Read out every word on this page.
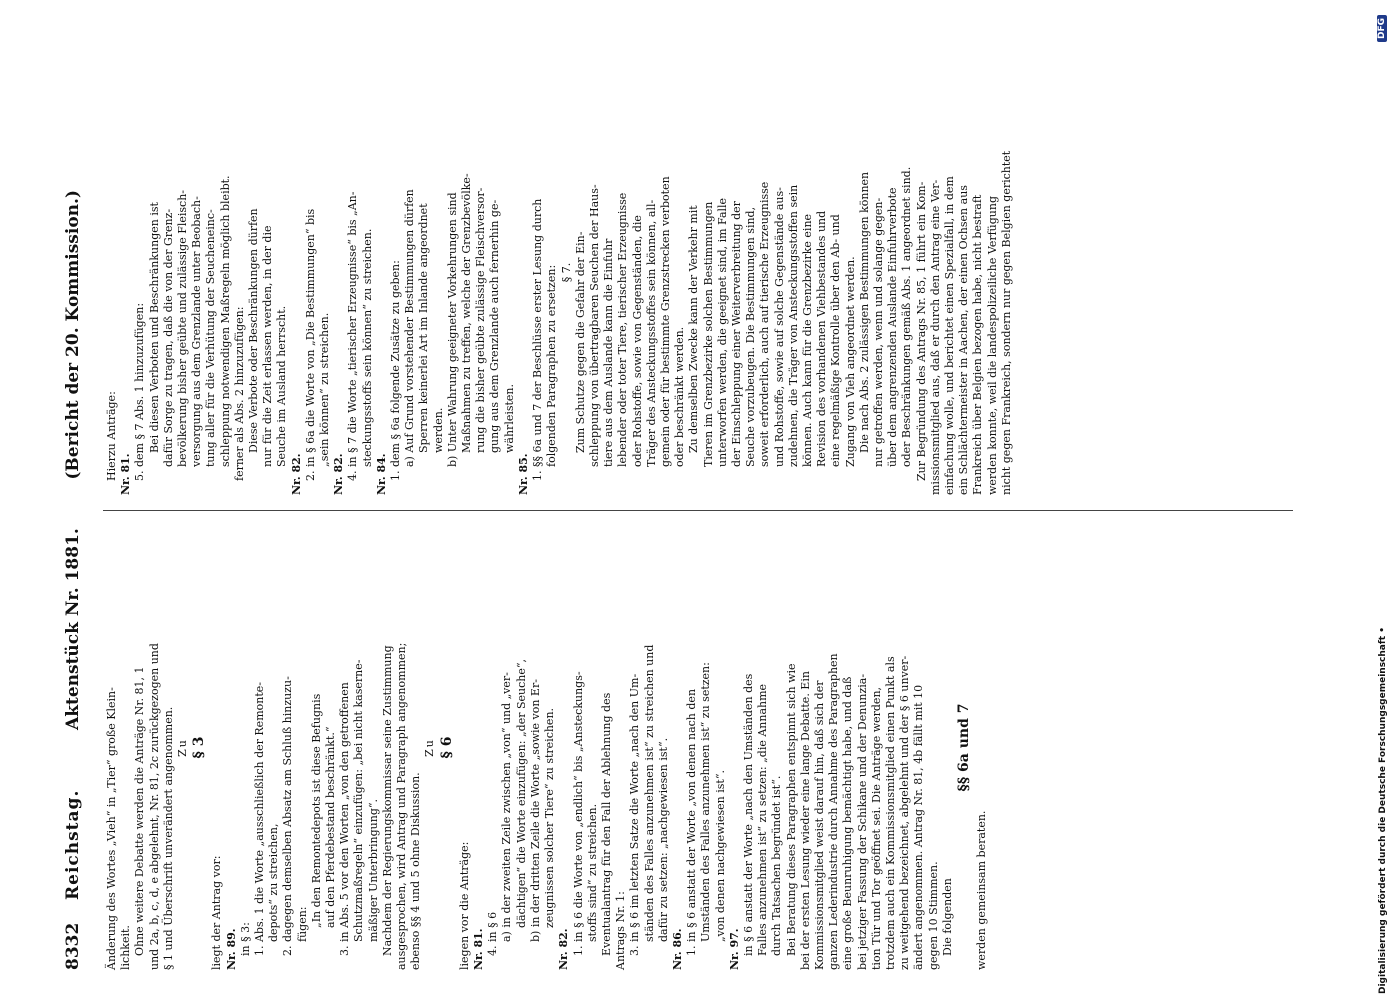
8332
Reichstag.
Aktenstück Nr. 1881.
(Bericht der 20. Kommission.)

Änderung des Wortes „Vieh“ in „Tier“ große Klein- lichkeit. Ohne weitere Debatte werden die Anträge Nr. 81, 1 und 2a, b, c, d, e abgelehnt, Nr. 81, 2c zurückgezogen und § 1 und Überschrift unverändert angenommen. Zu § 3

liegt der Antrag vor: Nr. 89. in § 3: 1. Abs. 1 die Worte „ausschließlich der Remonte- depots“ zu streichen, 2. dagegen demselben Absatz am Schluß hinzuzu- fügen: „In den Remontedepots ist diese Befugnis auf den Pferdebestand beschränkt.“ 3. in Abs. 5 vor den Worten „von den getroffenen Schutzmaßregeln“ einzufügen: „bei nicht kaserne- mäßiger Unterbringung“. Nachdem der Regierungskommissar seine Zustimmung ausgesprochen, wird Antrag und Paragraph angenommen; ebenso §§ 4 und 5 ohne Diskussion.

Zu § 6

liegen vor die Anträge: Nr. 81. 4. in § 6 a) in der zweiten Zeile zwischen „von“ und „ver- dächtigen“ die Worte einzufügen: „der Seuche“, b) in der dritten Zeile die Worte „sowie von Er- zeugnissen solcher Tiere“ zu streichen.

Nr. 82. 1. in § 6 die Worte von „endlich“ bis „Ansteckungs- stoffs sind“ zu streichen. Eventualantrag für den Fall der Ablehnung des Antrags Nr. 1: 3. in § 6 im letzten Satze die Worte „nach den Um- ständen des Falles anzunehmen ist“ zu streichen und dafür zu setzen: „nachgewiesen ist“.

Nr. 86. 1. in § 6 anstatt der Worte „von denen nach den Umständen des Falles anzunehmen ist“ zu setzen: „von denen nachgewiesen ist“.

Nr. 97. in § 6 anstatt der Worte „nach den Umständen des Falles anzunehmen ist“ zu setzen: „die Annahme durch Tatsachen begründet ist“. Bei Beratung dieses Paragraphen entspinnt sich wie bei der ersten Lesung wieder eine lange Debatte. Ein Kommissionsmitglied weist darauf hin, daß sich der ganzen Lederindustrie durch Annahme des Paragraphen eine große Beunruhigung bemächtigt habe, und daß bei jetziger Fassung der Schikane und der Denunzia- tion Tür und Tor geöffnet sei. Die Anträge werden, trotzdem auch ein Kommissionsmitglied einen Punkt als zu weitgehend bezeichnet, abgelehnt und der § 6 unver- ändert angenommen. Antrag Nr. 81, 4b fällt mit 10 gegen 10 Stimmen. Die folgenden

§§ 6a und 7

werden gemeinsam beraten.

Hierzu Anträge: Nr. 81. 5. dem § 7 Abs. 1 hinzuzufügen: Bei diesen Verboten und Beschränkungen ist dafür Sorge zu tragen, daß die von der Grenz- bevölkerung bisher geübte und zulässige Fleisch- versorgung aus dem Grenzlande unter Beobach- tung aller für die Verhütung der Seucheneinc- schleppung notwendigen Maßregeln möglich bleibt. ferner als Abs. 2 hinzuzufügen: Diese Verbote oder Beschränkungen dürfen nur für die Zeit erlassen werden, in der die Seuche im Ausland herrscht.

Nr. 82. 2. in § 6a die Worte von „Die Bestimmungen“ bis „sein können“ zu streichen.

Nr. 82. 4. in § 7 die Worte „tierischer Erzeugnisse“ bis „An- steckungsstoffs sein können“ zu streichen.

Nr. 84. 1. dem § 6a folgende Zusätze zu geben: a) Auf Grund vorstehender Bestimmungen dürfen Sperren keinerlei Art im Inlande angeordnet werden. b) Unter Wahrung geeigneter Vorkehrungen sind Maßnahmen zu treffen, welche der Grenzbevölke- rung die bisher geübte zulässige Fleischversor- gung aus dem Grenzlande auch fernerhin ge- währleisten.

Nr. 85. 1. §§ 6a und 7 der Beschlüsse erster Lesung durch folgenden Paragraphen zu ersetzen: § 7. Zum Schutze gegen die Gefahr der Ein- schleppung von übertragbaren Seuchen der Haus- tiere aus dem Auslande kann die Einfuhr lebender oder toter Tiere, tierischer Erzeugnisse oder Rohstoffe, sowie von Gegenständen, die Träger des Ansteckungsstoffes sein können, all- gemein oder für bestimmte Grenzstrecken verboten oder beschränkt werden. Zu demselben Zwecke kann der Verkehr mit Tieren im Grenzbezirke solchen Bestimmungen unterworfen werden, die geeignet sind, im Falle der Einschleppung einer Weiterverbreitung der Seuche vorzubeugen. Die Bestimmungen sind, soweit erforderlich, auch auf tierische Erzeugnisse und Rohstoffe, sowie auf solche Gegenstände aus- zudehnen, die Träger von Ansteckungsstoffen sein können. Auch kann für die Grenzbezirke eine Revision des vorhandenen Viehbestandes und eine regelmäßige Kontrolle über den Ab- und Zugang von Vieh angeordnet werden. Die nach Abs. 2 zulässigen Bestimmungen können nur getroffen werden, wenn und solange gegen- über dem angrenzenden Auslande Einfuhrverbote oder Beschränkungen gemäß Abs. 1 angeordnet sind. Zur Begründung des Antrags Nr. 85, 1 führt ein Kom- missionsmitglied aus, daß er durch den Antrag eine Ver- einfachung wolle, und berichtet einen Spezialfall, in dem ein Schlächtermeister in Aachen, der einen Ochsen aus Frankreich über Belgien bezogen habe, nicht bestraft werden konnte, weil die landespolizeiliche Verfügung nicht gegen Frankreich, sondern nur gegen Belgien gerichtet

Digitalisierung gefördert durch die Deutsche Forschungsgemeinschaft •
DFG
